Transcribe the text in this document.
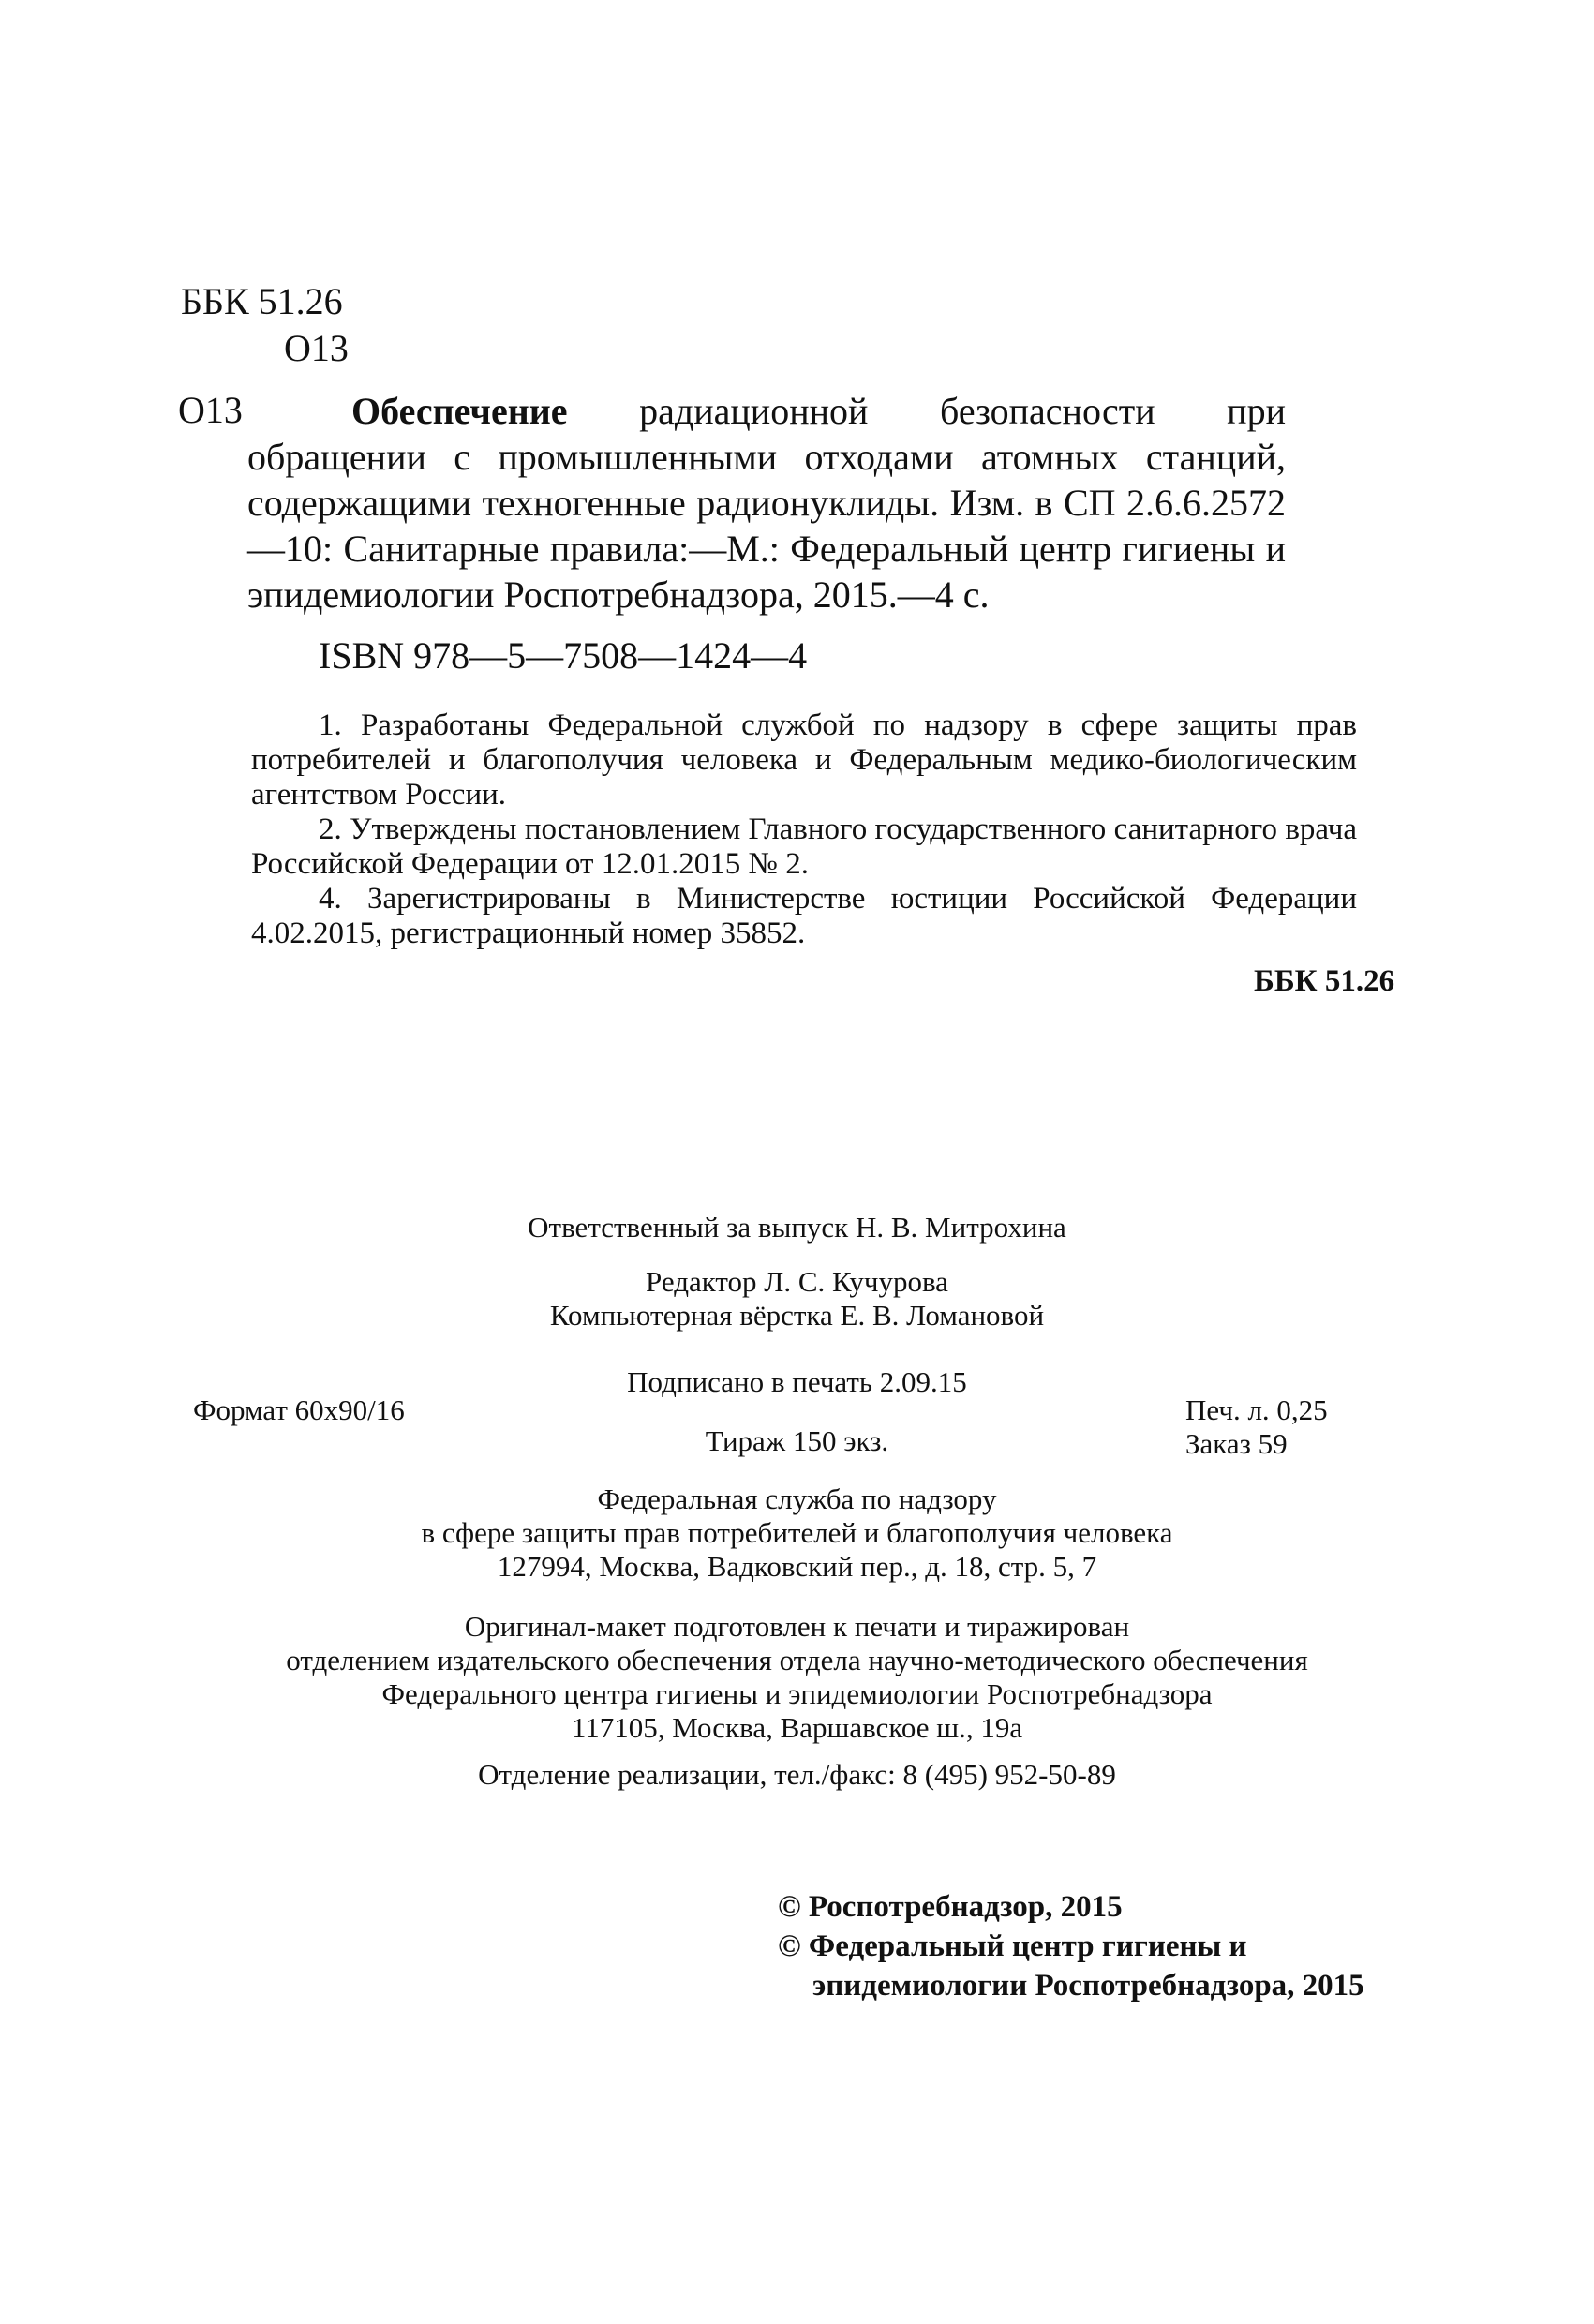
ББК 51.26
О13
О13	Обеспечение радиационной безопасности при обращении с промышленными отходами атомных станций, содержащими техногенные радионуклиды. Изм. в СП 2.6.6.2572—10: Санитарные правила:—М.: Федеральный центр гигиены и эпидемиологии Роспотребнадзора, 2015.—4 с.
ISBN 978—5—7508—1424—4

1. Разработаны Федеральной службой по надзору в сфере защиты прав потребителей и благополучия человека и Федеральным медико-биологическим агентством России.

2. Утверждены постановлением Главного государственного санитарного врача Российской Федерации от 12.01.2015 № 2.

4. Зарегистрированы в Министерстве юстиции Российской Федерации 4.02.2015, регистрационный номер 35852.

ББК 51.26
Ответственный за выпуск Н. В. Митрохина
Редактор Л. С. Кучурова
Компьютерная вёрстка Е. В. Ломановой
Подписано в печать 2.09.15
Формат 60х90/16	Печ. л. 0,25
Тираж 150 экз.	Заказ 59
Федеральная служба по надзору
в сфере защиты прав потребителей и благополучия человека
127994, Москва, Вадковский пер., д. 18, стр. 5, 7
Оригинал-макет подготовлен к печати и тиражирован
отделением издательского обеспечения отдела научно-методического обеспечения
Федерального центра гигиены и эпидемиологии Роспотребнадзора
117105, Москва, Варшавское ш., 19а
Отделение реализации, тел./факс: 8 (495) 952-50-89
© Роспотребнадзор, 2015
© Федеральный центр гигиены и
эпидемиологии Роспотребнадзора, 2015
